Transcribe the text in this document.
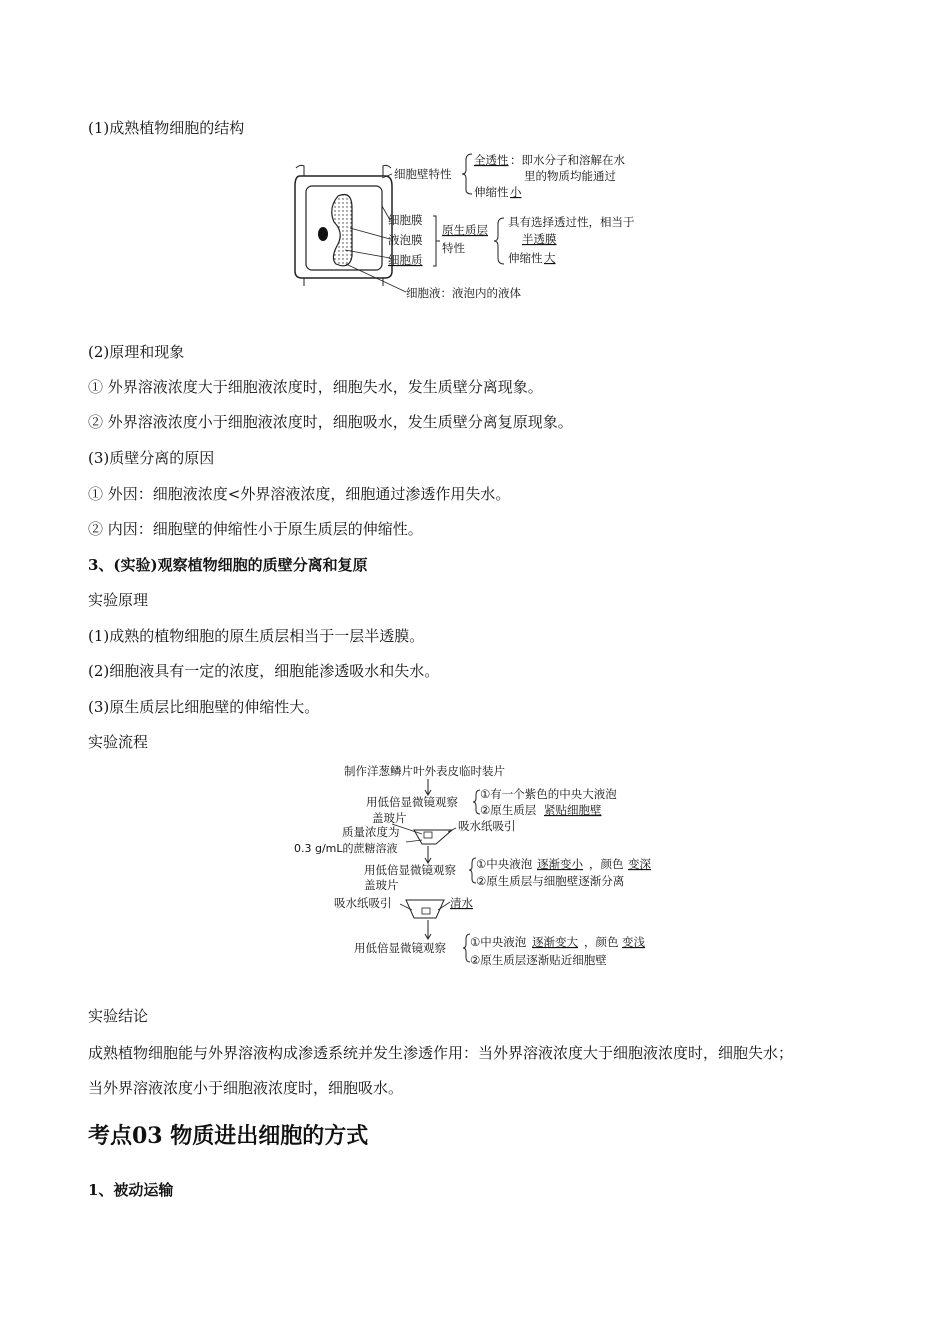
(1)成熟植物细胞的结构
细胞壁特性
全透性 ：即水分子和溶解在水
里的物质均能通过
伸缩性 小
细胞膜
液泡膜
细胞质
原生质层
特性
具有选择透过性，相当于
半透膜
伸缩性 大
细胞液：液泡内的液体
(2)原理和现象
① 外界溶液浓度大于细胞液浓度时，细胞失水，发生质壁分离现象。
② 外界溶液浓度小于细胞液浓度时，细胞吸水，发生质壁分离复原现象。
(3)质壁分离的原因
① 外因：细胞液浓度<外界溶液浓度，细胞通过渗透作用失水。
② 内因：细胞壁的伸缩性小于原生质层的伸缩性。
3、(实验)观察植物细胞的质壁分离和复原
实验原理
(1)成熟的植物细胞的原生质层相当于一层半透膜。
(2)细胞液具有一定的浓度，细胞能渗透吸水和失水。
(3)原生质层比细胞壁的伸缩性大。
实验流程
制作洋葱鳞片叶外表皮临时装片
用低倍显微镜观察
①有一个紫色的中央大液泡
②原生质层 紧贴细胞壁
盖玻片
质量浓度为
0.3 g/mL的蔗糖溶液
吸水纸吸引
用低倍显微镜观察 ①中央液泡 逐渐变小 ，颜色 变深
②原生质层与细胞壁逐渐分离
盖玻片
吸水纸吸引	清水
用低倍显微镜观察 ①中央液泡 逐渐变大 ，颜色 变浅
②原生质层逐渐贴近细胞壁
实验结论
成熟植物细胞能与外界溶液构成渗透系统并发生渗透作用：当外界溶液浓度大于细胞液浓度时，细胞失水；
当外界溶液浓度小于细胞液浓度时，细胞吸水。
考点03 物质进出细胞的方式
1、被动运输
